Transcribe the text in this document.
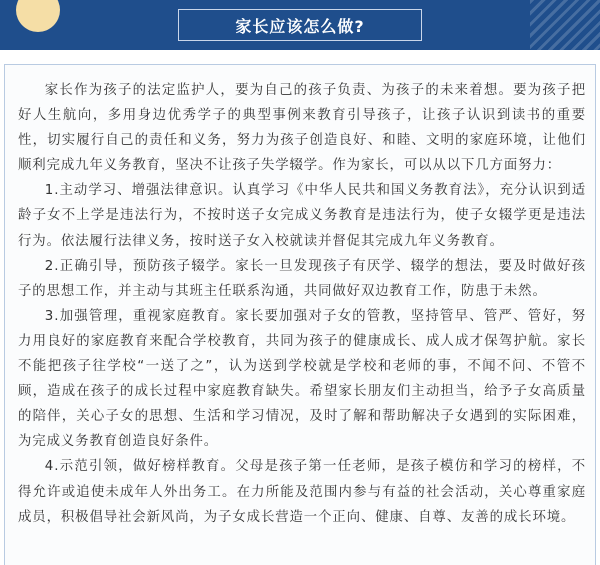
家长应该怎么做?

家长作为孩子的法定监护人，要为自己的孩子负责、为孩子的未来着想。要为孩子把好人生航向，多用身边优秀学子的典型事例来教育引导孩子，让孩子认识到读书的重要性，切实履行自己的责任和义务，努力为孩子创造良好、和睦、文明的家庭环境，让他们顺利完成九年义务教育，坚决不让孩子失学辍学。作为家长，可以从以下几方面努力：

1.主动学习、增强法律意识。认真学习《中华人民共和国义务教育法》，充分认识到适龄子女不上学是违法行为，不按时送子女完成义务教育是违法行为，使子女辍学更是违法行为。依法履行法律义务，按时送子女入校就读并督促其完成九年义务教育。

2.正确引导，预防孩子辍学。家长一旦发现孩子有厌学、辍学的想法，要及时做好孩子的思想工作，并主动与其班主任联系沟通，共同做好双边教育工作，防患于未然。

3.加强管理，重视家庭教育。家长要加强对子女的管教，坚持管早、管严、管好，努力用良好的家庭教育来配合学校教育，共同为孩子的健康成长、成人成才保驾护航。家长不能把孩子往学校“一送了之”，认为送到学校就是学校和老师的事，不闻不问、不管不顾，造成在孩子的成长过程中家庭教育缺失。希望家长朋友们主动担当，给予子女高质量的陪伴，关心子女的思想、生活和学习情况，及时了解和帮助解决子女遇到的实际困难，为完成义务教育创造良好条件。

4.示范引领，做好榜样教育。父母是孩子第一任老师，是孩子模仿和学习的榜样，不得允许或追使未成年人外出务工。在力所能及范围内参与有益的社会活动，关心尊重家庭成员，积极倡导社会新风尚，为子女成长营造一个正向、健康、自尊、友善的成长环境。
